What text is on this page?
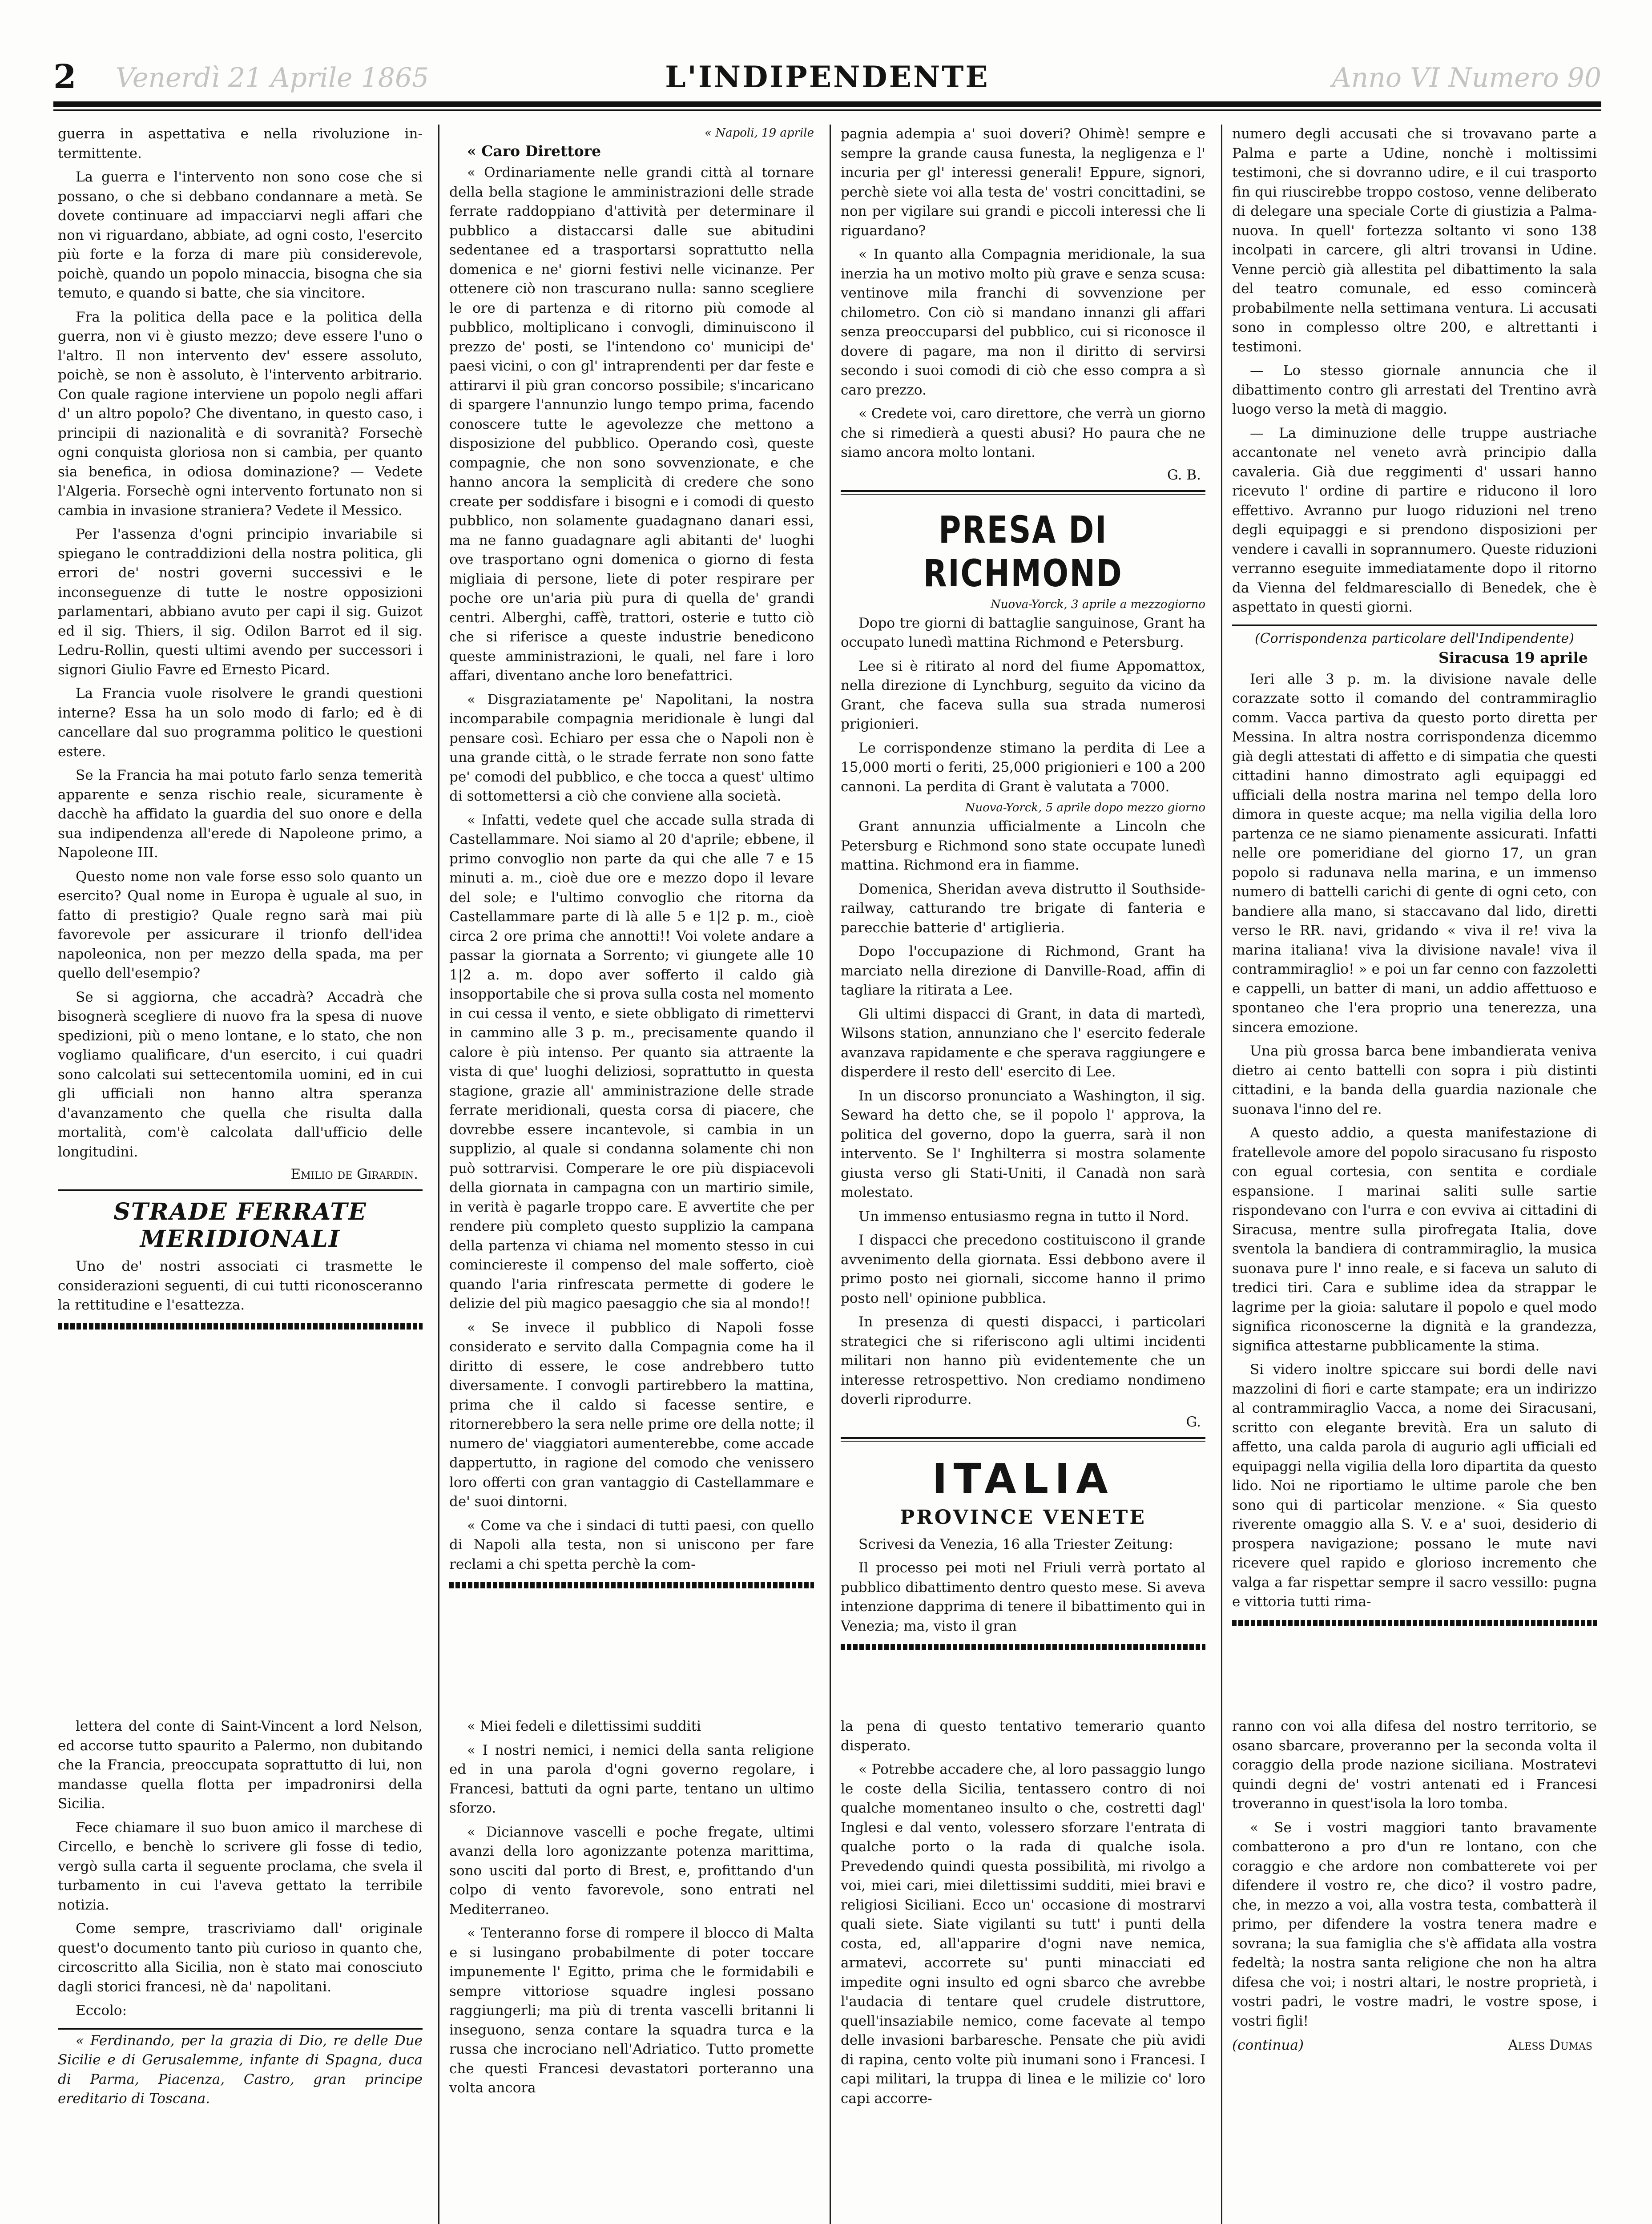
2 Venerdì 21 Aprile 1865	L'INDIPENDENTE	Anno VI Numero 90

guerra in aspettativa e nella rivoluzione in-termittente.

La guerra e l'intervento non sono cose che si possano, o che si debbano condannare a metà. Se dovete continuare ad impacciarvi negli affari che non vi riguardano, abbiate, ad ogni costo, l'esercito più forte e la forza di mare più considerevole, poichè, quando un popolo minaccia, bisogna che sia temuto, e quando si batte, che sia vincitore.

Fra la politica della pace e la politica della guerra, non vi è giusto mezzo; deve essere l'uno o l'altro. Il non intervento dev' essere assoluto, poichè, se non è assoluto, è l'intervento arbitrario. Con quale ragione intervienе un popolo negli affari d' un altro popolo? Che diventano, in questo caso, i principii di nazionalità e di sovranità? Forsechè ogni conquista gloriosa non si cambia, per quanto sia benefica, in odiosa dominazione? — Vedete l'Algeria. Forsechè ogni intervento fortunato non si cambia in invasione straniera? Vedete il Messico.

Per l'assenza d'ogni principio invariabile si spiegano le contraddizioni della nostra politica, gli errori de' nostri governi successivi e le inconseguenze di tutte le nostre opposizioni parlamentari, abbiano avuto per capi il sig. Guizot ed il sig. Thiers, il sig. Odilon Barrot ed il sig. Ledru-Rollin, questi ultimi avendo per successori i signori Giulio Favre ed Ernesto Picard.

La Francia vuole risolvere le grandi questioni interne? Essa ha un solo modo di farlo; ed è di cancellare dal suo programma politico le questioni estere.

Se la Francia ha mai potuto farlo senza temerità apparente e senza rischio reale, sicuramente è dacchè ha affidato la guardia del suo onore e della sua indipendenza all'erede di Napoleone primo, a Napoleone III.

Questo nome non vale forse esso solo quanto un esercito? Qual nome in Europa è uguale al suo, in fatto di prestigio? Quale regno sarà mai più favorevole per assicurare il trionfo dell'idea napoleonica, non per mezzo della spada, ma per quello dell'esempio?

Se si aggiorna, che accadrà? Accadrà che bisognerà scegliere di nuovo fra la spesa di nuove spedizioni, più o meno lontane, e lo stato, che non vogliamo qualificare, d'un esercito, i cui quadri sono calcolati sui settecentomila uomini, ed in cui gli ufficiali non hanno altra speranza d'avanzamento che quella che risulta dalla mortalità, com'è calcolata dall'ufficio delle longitudini.

Emilio de Girardin.
STRADE FERRATE MERIDIONALI

Uno de' nostri associati ci trasmette le considerazioni seguenti, di cui tutti riconosceranno la rettitudine e l'esattezza.

« Napoli, 19 aprile
« Caro Direttore

« Ordinariamente nelle grandi città al tornare della bella stagione le amministrazioni delle strade ferrate raddoppiano d'attività per determinare il pubblico a distaccarsi dalle sue abitudini sedentanee ed a trasportarsi soprattutto nella domenica e ne' giorni festivi nelle vicinanze. Per ottenere ciò non trascurano nulla: sanno scegliere le ore di partenza e di ritorno più comode al pubblico, moltiplicano i convogli, diminuiscono il prezzo de' posti, se l'intendono co' municipi de' paesi vicini, o con gl' intraprendenti per dar feste e attirarvi il più gran concorso possibile; s'incaricano di spargere l'annunzio lungo tempo prima, facendo conoscere tutte le agevolezze che mettono a disposizione del pubblico. Operando così, queste compagnie, che non sono sovvenzionate, e che hanno ancora la semplicità di credere che sono create per soddisfare i bisogni e i comodi di questo pubblico, non solamente guadagnano danari essi, ma ne fanno guadagnare agli abitanti de' luoghi ove trasportano ogni domenica o giorno di festa migliaia di persone, liete di poter respirare per poche ore un'aria più pura di quella de' grandi centri. Alberghi, caffè, trattori, osterie e tutto ciò che si riferisce a queste industrie benedicono queste amministrazioni, le quali, nel fare i loro affari, diventano anche loro benefattrici.

« Disgraziatamente pe' Napolitani, la nostra incomparabile compagnia meridionale è lungi dal pensare così. Echiaro per essa che o Napoli non è una grande città, o le strade ferrate non sono fatte pe' comodi del pubblico, e che tocca a quest' ultimo di sottomettersi a ciò che conviene alla società.

« Infatti, vedete quel che accade sulla strada di Castellammare. Noi siamo al 20 d'aprile; ebbene, il primo convoglio non parte da qui che alle 7 e 15 minuti a. m., cioè due ore e mezzo dopo il levare del sole; e l'ultimo convoglio che ritorna da Castellammare parte di là alle 5 e 1|2 p. m., cioè circa 2 ore prima che annotti!! Voi volete andare a passar la giornata a Sorrento; vi giungete alle 10 1|2 a. m. dopo aver sofferto il caldo già insopportabile che si prova sulla costa nel momento in cui cessa il vento, e siete obbligato di rimettervi in cammino alle 3 p. m., precisamente quando il calore è più intenso. Per quanto sia attraente la vista di que' luoghi deliziosi, soprattutto in questa stagione, grazie all' amministrazione delle strade ferrate meridionali, questa corsa di piacere, che dovrebbe essere incantevole, si cambia in un supplizio, al quale si condanna solamente chi non può sottrarvisi. Comperare le ore più dispiacevoli della giornata in campagna con un martirio simile, in verità è pagarle troppo care. E avvertite che per rendere più completo questo supplizio la campana della partenza vi chiama nel momento stesso in cui cominciereste il compenso del male sofferto, cioè quando l'aria rinfrescata permette di godere le delizie del più magico paesaggio che sia al mondo!!

« Se invece il pubblico di Napoli fosse considerato e servito dalla Compagnia come ha il diritto di essere, le cose andrebbero tutto diversamente. I convogli partirebbero la mattina, prima che il caldo si facesse sentire, e ritornerebbero la sera nelle prime ore della notte; il numero de' viaggiatori aumenterebbe, come accade dappertutto, in ragione del comodo che venissero loro offerti con gran vantaggio di Castellammare e de' suoi dintorni.

« Come va che i sindaci di tutti paesi, con quello di Napoli alla testa, non si uniscono per fare reclami a chi spetta perchè la com-

pagnia adempia a' suoi doveri? Ohimè! sempre e sempre la grande causa funesta, la negligenza e l' incuria per gl' interessi generali! Eppure, signori, perchè siete voi alla testa de' vostri concittadini, se non per vigilare sui grandi e piccoli interessi che li riguardano?

« In quanto alla Compagnia meridionale, la sua inerzia ha un motivo molto più grave e senza scusa: ventinove mila franchi di sovvenzione per chilometro. Con ciò si mandano innanzi gli affari senza preoccuparsi del pubblico, cui si riconosce il dovere di pagare, ma non il diritto di servirsi secondo i suoi comodi di ciò che esso compra a sì caro prezzo.

« Credete voi, caro direttore, che verrà un giorno che si rimedierà a questi abusi? Ho paura che ne siamo ancora molto lontani.

G. B.
PRESA DI RICHMOND
Nuova-Yorck, 3 aprile a mezzogiorno

Dopo tre giorni di battaglie sanguinose, Grant ha occupato lunedì mattina Richmond e Petersburg.

Lee si è ritirato al nord del fiume Appomattox, nella direzione di Lynchburg, seguito da vicino da Grant, che faceva sulla sua strada numerosi prigionieri.

Le corrispondenze stimano la perdita di Lee a 15,000 morti o feriti, 25,000 prigionieri e 100 a 200 cannoni. La perdita di Grant è valutata a 7000.

Nuova-Yorck, 5 aprile dopo mezzo giorno

Grant annunzia ufficialmente a Lincoln che Petersburg e Richmond sono state occupate lunedì mattina. Richmond era in fiamme.

Domenica, Sheridan aveva distrutto il Southside-railway, catturando tre brigate di fanteria e parecchie batterie d' artiglieria.

Dopo l'occupazione di Richmond, Grant ha marciato nella direzione di Danville-Road, affin di tagliare la ritirata a Lee.

Gli ultimi dispacci di Grant, in data di martedì, Wilsons station, annunziano che l' esercito federale avanzava rapidamente e che sperava raggiungere e disperdere il resto dell' esercito di Lee.

In un discorso pronunciato a Washington, il sig. Seward ha detto che, se il popolo l' approva, la politica del governo, dopo la guerra, sarà il non intervento. Se l' Inghilterra si mostra solamente giusta verso gli Stati-Uniti, il Canadà non sarà molestato.

Un immenso entusiasmo regna in tutto il Nord.

I dispacci che precedono costituiscono il grande avvenimento della giornata. Essi debbono avere il primo posto nei giornali, siccome hanno il primo posto nell' opinione pubblica.

In presenza di questi dispacci, i particolari strategici che si riferiscono agli ultimi incidenti militari non hanno più evidentemente che un interesse retrospettivo. Non crediamo nondimeno doverli riprodurre.

G.
ITALIA
PROVINCE VENETE

Scrivesi da Venezia, 16 alla Triester Zeitung:

Il processo pei moti nel Friuli verrà portato al pubblico dibattimento dentro questo mese. Si aveva intenzione dapprima di tenere il bibattimento qui in Venezia; ma, visto il gran

numero degli accusati che si trovavano parte a Palma e parte a Udine, nonchè i moltissimi testimoni, che si dovranno udire, e il cui trasporto fin qui riuscirebbe troppo costoso, venne deliberato di delegare una speciale Corte di giustizia a Palma-nuova. In quell' fortezza soltanto vi sono 138 incolpati in carcere, gli altri trovansi in Udine. Venne perciò già allestita pel dibattimento la sala del teatro comunale, ed esso comincerà probabilmente nella settimana ventura. Li accusati sono in complesso oltre 200, e altrettanti i testimoni.

— Lo stesso giornale annuncia che il dibattimento contro gli arrestati del Trentino avrà luogo verso la metà di maggio.

— La diminuzione delle truppe austriache accantonate nel veneto avrà principio dalla cavaleria. Già due reggimenti d' ussari hanno ricevuto l' ordine di partire e riducono il loro effettivo. Avranno pur luogo riduzioni nel treno degli equipaggi e si prendono disposizioni per vendere i cavalli in soprannumero. Queste riduzioni verranno eseguite immediatamente dopo il ritorno da Vienna del feldmaresciallo di Benedek, che è aspettato in questi giorni.

(Corrispondenza particolare dell'Indipendente)
Siracusa 19 aprile

Ieri alle 3 p. m. la divisione navale delle corazzate sotto il comando del contrammiraglio comm. Vacca partiva da questo porto diretta per Messina. In altra nostra corrispondenza dicemmo già degli attestati di affetto e di simpatia che questi cittadini hanno dimostrato agli equipaggi ed ufficiali della nostra marina nel tempo della loro dimora in queste acque; ma nella vigilia della loro partenza ce ne siamo pienamente assicurati. Infatti nelle ore pomeridiane del giorno 17, un gran popolo si radunava nella marina, e un immenso numero di battelli carichi di gente di ogni ceto, con bandiere alla mano, si staccavano dal lido, diretti verso le RR. navi, gridando « viva il re! viva la marina italiana! viva la divisione navale! viva il contrammiraglio! » e poi un far cenno con fazzoletti e cappelli, un batter di mani, un addio affettuoso e spontaneo che l'era proprio una tenerezza, una sincera emozione.

Una più grossa barca bene imbandierata veniva dietro ai cento battelli con sopra i più distinti cittadini, e la banda della guardia nazionale che suonava l'inno del re.

A questo addio, a questa manifestazione di fratellevole amore del popolo siracusano fu risposto con egual cortesia, con sentita e cordiale espansione. I marinai saliti sulle sartie rispondevano con l'urra e con evviva ai cittadini di Siracusa, mentre sulla pirofregata Italia, dove sventola la bandiera di contrammiraglio, la musica suonava pure l' inno reale, e si faceva un saluto di tredici tiri. Cara e sublime idea da strappar le lagrime per la gioia: salutare il popolo e quel modo significa riconoscerne la dignità e la grandezza, significa attestarne pubblicamente la stima.

Si videro inoltre spiccare sui bordi delle navi mazzolini di fiori e carte stampate; era un indirizzo al contrammiraglio Vacca, a nome dei Siracusani, scritto con elegante brevità. Era un saluto di affetto, una calda parola di augurio agli ufficiali ed equipaggi nella vigilia della loro dipartita da questo lido. Noi ne riportiamo le ultime parole che ben sono qui di particolar menzione. « Sia questo riverente omaggio alla S. V. e a' suoi, desiderio di prospera navigazione; possano le mute navi ricevere quel rapido e glorioso incremento che valga a far rispettar sempre il sacro vessillo: pugna e vittoria tutti rima-

lettera del conte di Saint-Vincent a lord Nelson, ed accorse tutto spaurito a Palermo, non dubitando che la Francia, preoccupata soprattutto di lui, non mandasse quella flotta per impadronirsi della Sicilia.

Fece chiamare il suo buon amico il marchese di Circello, e benchè lo scrivere gli fosse di tedio, vergò sulla carta il seguente proclama, che svela il turbamento in cui l'aveva gettato la terribile notizia.

Come sempre, trascriviamo dall' originale quest'o documento tanto più curioso in quanto che, circoscritto alla Sicilia, non è stato mai conosciuto dagli storici francesi, nè da' napolitani.

Eccolo:

« Ferdinando, per la grazia di Dio, re delle Due Sicilie e di Gerusalemme, infante di Spagna, duca di Parma, Piacenza, Castro, gran principe ereditario di Toscana.

« Miei fedeli e dilettissimi sudditi

« I nostri nemici, i nemici della santa religione ed in una parola d'ogni governo regolare, i Francesi, battuti da ogni parte, tentano un ultimo sforzo.

« Diciannove vascelli e poche fregate, ultimi avanzi della loro agonizzante potenza marittima, sono usciti dal porto di Brest, e, profittando d'un colpo di vento favorevole, sono entrati nel Mediterraneo.

« Tenteranno forse di rompere il blocco di Malta e si lusingano probabilmente di poter toccare impunemente l' Egitto, prima che le formidabili e sempre vittoriose squadre inglesi possano raggiungerli; ma più di trenta vascelli britanni li inseguono, senza contare la squadra turca e la russa che incrociano nell'Adriatico. Tutto promette che questi Francesi devastatori porteranno una volta ancora

la pena di questo tentativo temerario quanto disperato.

« Potrebbe accadere che, al loro passaggio lungo le coste della Sicilia, tentassero contro di noi qualche momentaneo insulto o che, costretti dagl' Inglesi e dal vento, volessero sforzare l'entrata di qualche porto o la rada di qualche isola. Prevedendo quindi questa possibilità, mi rivolgo a voi, miei cari, miei dilettissimi sudditi, miei bravi e religiosi Siciliani. Ecco un' occasione di mostrarvi quali siete. Siate vigilanti su tutt' i punti della costa, ed, all'apparire d'ogni nave nemica, armatevi, accorrete su' punti minacciati ed impedite ogni insulto ed ogni sbarco che avrebbe l'audacia di tentare quel crudele distruttore, quell'insaziabile nemico, come facevate al tempo delle invasioni barbaresche. Pensate che più avidi di rapina, cento volte più inumani sono i Francesi. I capi militari, la truppa di linea e le milizie co' loro capi accorre-

ranno con voi alla difesa del nostro territorio, se osano sbarcare, proveranno per la seconda volta il coraggio della prode nazione siciliana. Mostratevi quindi degni de' vostri antenati ed i Francesi troveranno in quest'isola la loro tomba.

« Se i vostri maggiori tanto bravamente combatterono a pro d'un re lontano, con che coraggio e che ardore non combatterete voi per difendere il vostro re, che dico? il vostro padre, che, in mezzo a voi, alla vostra testa, combatterà il primo, per difendere la vostra tenera madre e sovrana; la sua famiglia che s'è affidata alla vostra fedeltà; la nostra santa religione che non ha altra difesa che voi; i nostri altari, le nostre proprietà, i vostri padri, le vostre madri, le vostre spose, i vostri figli!

(continua)	Aless Dumas
